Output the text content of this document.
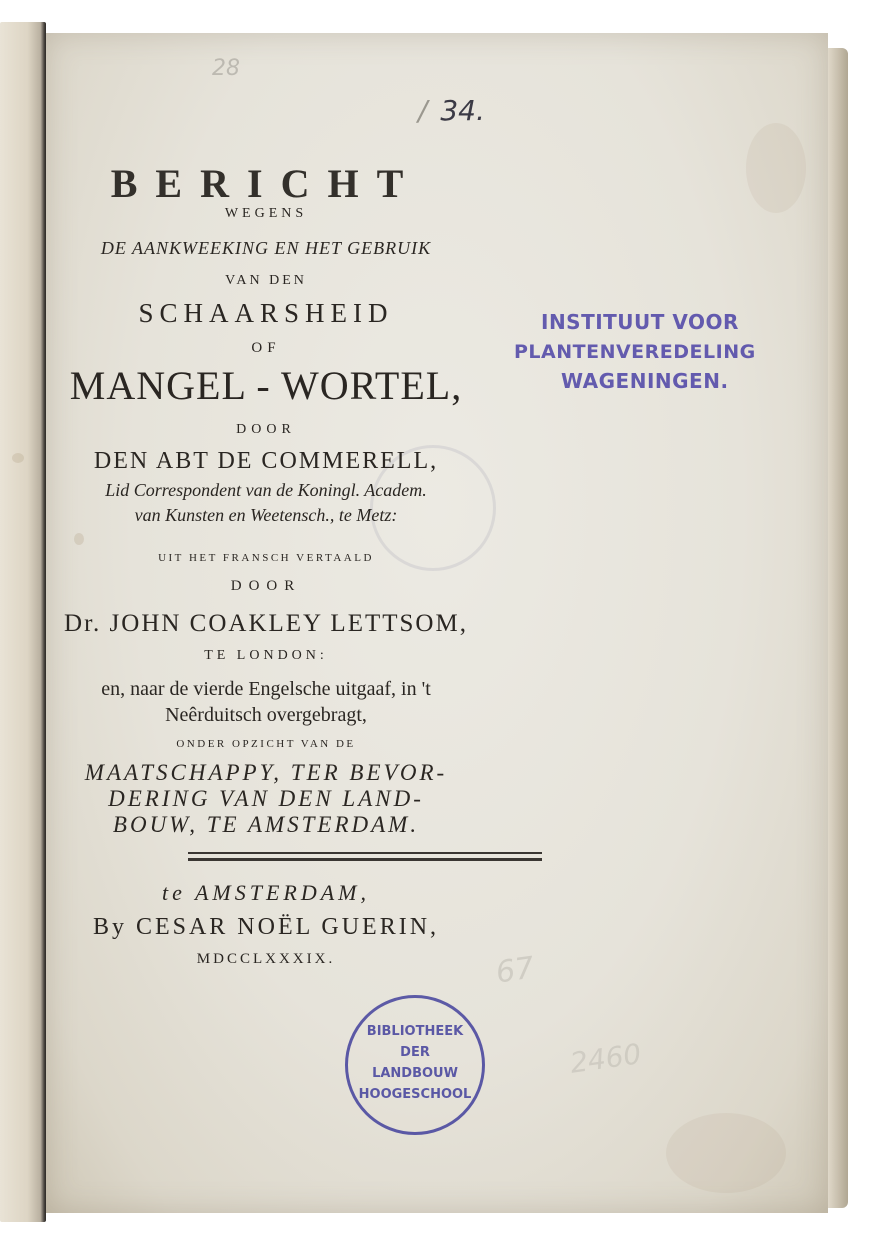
28
/ 34.
67
2460
BERICHT
WEGENS
DE AANKWEEKING EN HET GEBRUIK
VAN DEN
SCHAARSHEID
OF
MANGEL - WORTEL,
DOOR
DEN ABT DE COMMERELL,
Lid Correspondent van de Koningl. Academ.
van Kunsten en Weetensch., te Metz:
UIT HET FRANSCH VERTAALD
DOOR
Dr. JOHN COAKLEY LETTSOM,
TE LONDON:
en, naar de vierde Engelsche uitgaaf, in 't
Neêrduitsch overgebragt,
ONDER OPZICHT VAN DE
MAATSCHAPPY, TER BEVOR-
DERING VAN DEN LAND-
BOUW, TE AMSTERDAM.
te AMSTERDAM,
By CESAR NOËL GUERIN,
MDCCLXXXIX.
INSTITUUT VOOR
PLANTENVEREDELING
WAGENINGEN.
BIBLIOTHEEK
DER
LANDBOUW
HOOGESCHOOL
